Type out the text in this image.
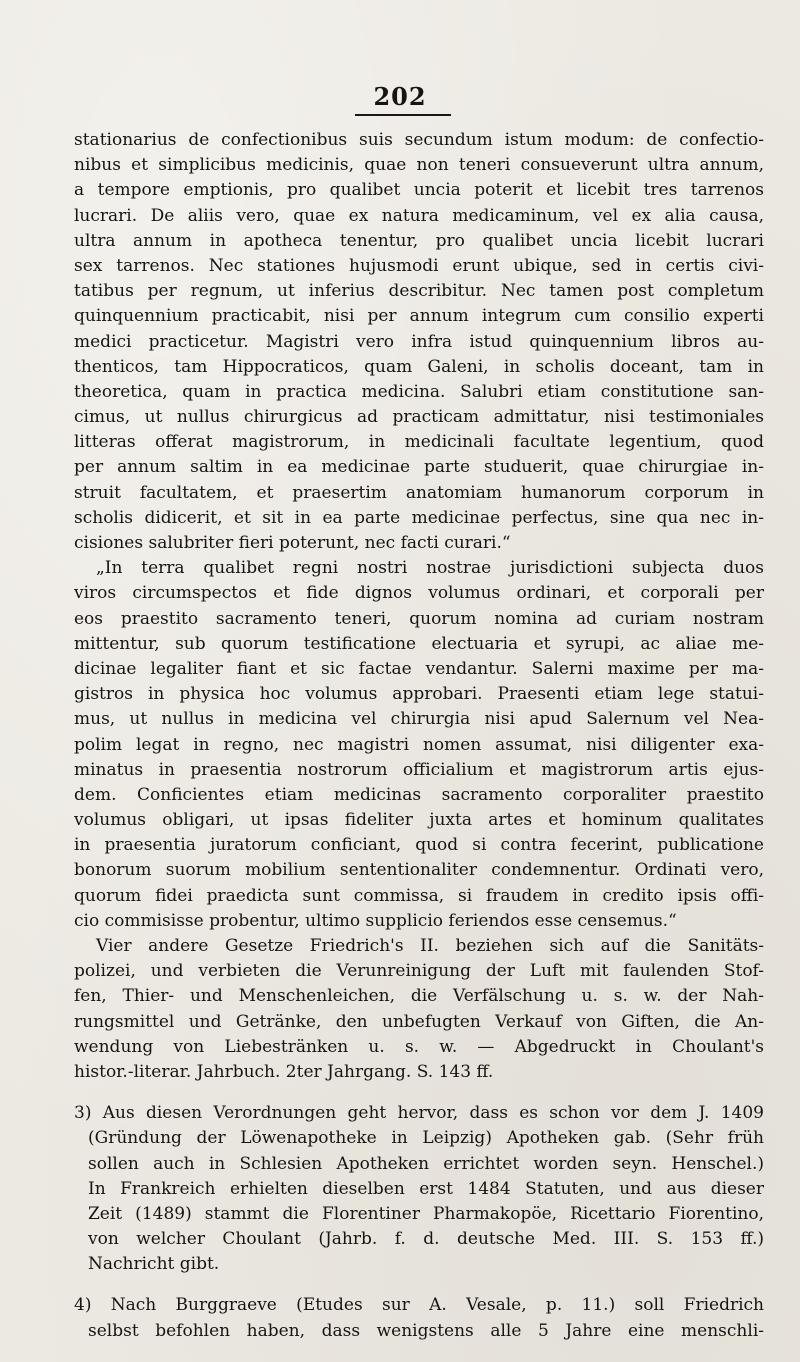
202
stationarius de confectionibus suis secundum istum modum: de confectio-
nibus et simplicibus medicinis, quae non teneri consueverunt ultra annum,
a tempore emptionis, pro qualibet uncia poterit et licebit tres tarrenos
lucrari. De aliis vero, quae ex natura medicaminum, vel ex alia causa,
ultra annum in apotheca tenentur, pro qualibet uncia licebit lucrari
sex tarrenos. Nec stationes hujusmodi erunt ubique, sed in certis civi-
tatibus per regnum, ut inferius describitur. Nec tamen post completum
quinquennium practicabit, nisi per annum integrum cum consilio experti
medici practicetur. Magistri vero infra istud quinquennium libros au-
thenticos, tam Hippocraticos, quam Galeni, in scholis doceant, tam in
theoretica, quam in practica medicina. Salubri etiam constitutione san-
cimus, ut nullus chirurgicus ad practicam admittatur, nisi testimoniales
litteras offerat magistrorum, in medicinali facultate legentium, quod
per annum saltim in ea medicinae parte studuerit, quae chirurgiae in-
struit facultatem, et praesertim anatomiam humanorum corporum in
scholis didicerit, et sit in ea parte medicinae perfectus, sine qua nec in-
cisiones salubriter fieri poterunt, nec facti curari.“
„In terra qualibet regni nostri nostrae jurisdictioni subjecta duos
viros circumspectos et fide dignos volumus ordinari, et corporali per
eos praestito sacramento teneri, quorum nomina ad curiam nostram
mittentur, sub quorum testificatione electuaria et syrupi, ac aliae me-
dicinae legaliter fiant et sic factae vendantur. Salerni maxime per ma-
gistros in physica hoc volumus approbari. Praesenti etiam lege statui-
mus, ut nullus in medicina vel chirurgia nisi apud Salernum vel Nea-
polim legat in regno, nec magistri nomen assumat, nisi diligenter exa-
minatus in praesentia nostrorum officialium et magistrorum artis ejus-
dem. Conficientes etiam medicinas sacramento corporaliter praestito
volumus obligari, ut ipsas fideliter juxta artes et hominum qualitates
in praesentia juratorum conficiant, quod si contra fecerint, publicatione
bonorum suorum mobilium sententionaliter condemnentur. Ordinati vero,
quorum fidei praedicta sunt commissa, si fraudem in credito ipsis offi-
cio commisisse probentur, ultimo supplicio feriendos esse censemus.“
Vier andere Gesetze Friedrich's II. beziehen sich auf die Sanitäts-
polizei, und verbieten die Verunreinigung der Luft mit faulenden Stof-
fen, Thier- und Menschenleichen, die Verfälschung u. s. w. der Nah-
rungsmittel und Getränke, den unbefugten Verkauf von Giften, die An-
wendung von Liebestränken u. s. w. — Abgedruckt in Choulant's
histor.-literar. Jahrbuch. 2ter Jahrgang. S. 143 ff.
3) Aus diesen Verordnungen geht hervor, dass es schon vor dem J. 1409
(Gründung der Löwenapotheke in Leipzig) Apotheken gab. (Sehr früh
sollen auch in Schlesien Apotheken errichtet worden seyn. Henschel.)
In Frankreich erhielten dieselben erst 1484 Statuten, und aus dieser
Zeit (1489) stammt die Florentiner Pharmakopöe, Ricettario Fiorentino,
von welcher Choulant (Jahrb. f. d. deutsche Med. III. S. 153 ff.)
Nachricht gibt.
4) Nach Burggraeve (Etudes sur A. Vesale, p. 11.) soll Friedrich
selbst befohlen haben, dass wenigstens alle 5 Jahre eine menschli-
